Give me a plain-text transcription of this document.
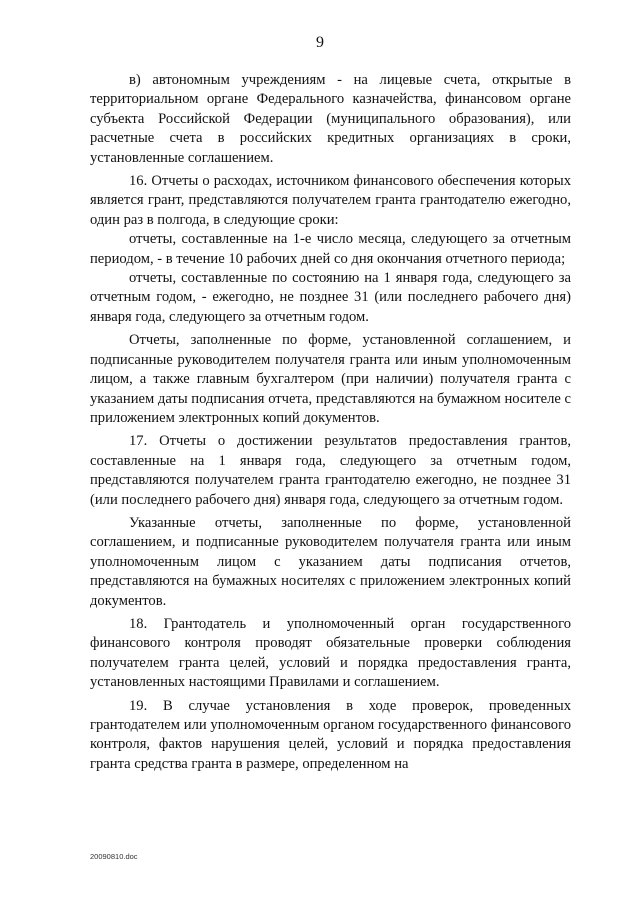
9

в) автономным учреждениям - на лицевые счета, открытые в территориальном органе Федерального казначейства, финансовом органе субъекта Российской Федерации (муниципального образования), или расчетные счета в российских кредитных организациях в сроки, установленные соглашением.

16. Отчеты о расходах, источником финансового обеспечения которых является грант, представляются получателем гранта грантодателю ежегодно, один раз в полгода, в следующие сроки:

отчеты, составленные на 1-е число месяца, следующего за отчетным периодом, - в течение 10 рабочих дней со дня окончания отчетного периода;

отчеты, составленные по состоянию на 1 января года, следующего за отчетным годом, - ежегодно, не позднее 31 (или последнего рабочего дня) января года, следующего за отчетным годом.

Отчеты, заполненные по форме, установленной соглашением, и подписанные руководителем получателя гранта или иным уполномоченным лицом, а также главным бухгалтером (при наличии) получателя гранта с указанием даты подписания отчета, представляются на бумажном носителе с приложением электронных копий документов.

17. Отчеты о достижении результатов предоставления грантов, составленные на 1 января года, следующего за отчетным годом, представляются получателем гранта грантодателю ежегодно, не позднее 31 (или последнего рабочего дня) января года, следующего за отчетным годом.

Указанные отчеты, заполненные по форме, установленной соглашением, и подписанные руководителем получателя гранта или иным уполномоченным лицом с указанием даты подписания отчетов, представляются на бумажных носителях с приложением электронных копий документов.

18. Грантодатель и уполномоченный орган государственного финансового контроля проводят обязательные проверки соблюдения получателем гранта целей, условий и порядка предоставления гранта, установленных настоящими Правилами и соглашением.

19. В случае установления в ходе проверок, проведенных грантодателем или уполномоченным органом государственного финансового контроля, фактов нарушения целей, условий и порядка предоставления гранта средства гранта в размере, определенном на

20090810.doc
